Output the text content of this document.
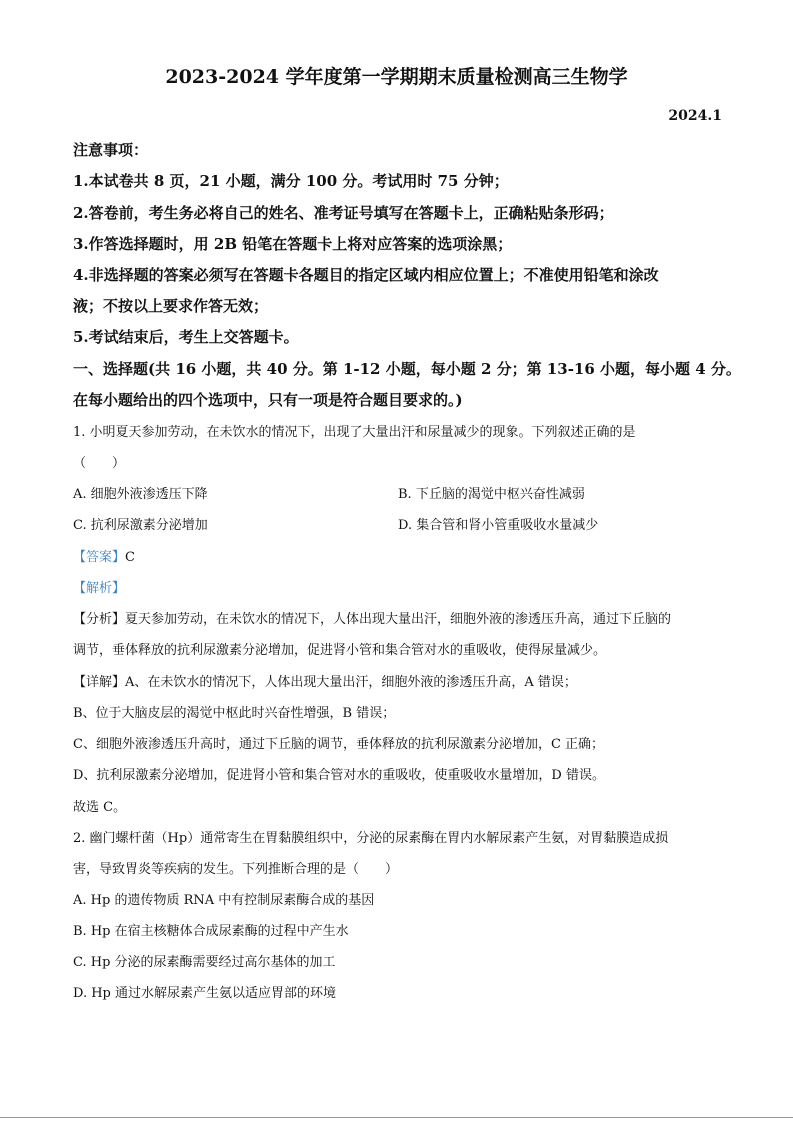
2023-2024 学年度第一学期期末质量检测高三生物学
2024.1
注意事项：
1.本试卷共 8 页，21 小题，满分 100 分。考试用时 75 分钟；
2.答卷前，考生务必将自己的姓名、准考证号填写在答题卡上，正确粘贴条形码；
3.作答选择题时，用 2B 铅笔在答题卡上将对应答案的选项涂黑；
4.非选择题的答案必须写在答题卡各题目的指定区域内相应位置上；不准使用铅笔和涂改
液；不按以上要求作答无效；
5.考试结束后，考生上交答题卡。
一、选择题(共 16 小题，共 40 分。第 1-12 小题，每小题 2 分；第 13-16 小题，每小题 4 分。
在每小题给出的四个选项中，只有一项是符合题目要求的。)
1. 小明夏天参加劳动，在未饮水的情况下，出现了大量出汗和尿量减少的现象。下列叙述正确的是
（　　）
A. 细胞外液渗透压下降	B. 下丘脑的渴觉中枢兴奋性减弱
C. 抗利尿激素分泌增加	D. 集合管和肾小管重吸收水量减少
【答案】C
【解析】
【分析】夏天参加劳动，在未饮水的情况下，人体出现大量出汗，细胞外液的渗透压升高，通过下丘脑的
调节，垂体释放的抗利尿激素分泌增加，促进肾小管和集合管对水的重吸收，使得尿量减少。
【详解】A、在未饮水的情况下，人体出现大量出汗，细胞外液的渗透压升高，A 错误；
B、位于大脑皮层的渴觉中枢此时兴奋性增强，B 错误；
C、细胞外液渗透压升高时，通过下丘脑的调节，垂体释放的抗利尿激素分泌增加，C 正确；
D、抗利尿激素分泌增加，促进肾小管和集合管对水的重吸收，使重吸收水量增加，D 错误。
故选 C。
2. 幽门螺杆菌（Hp）通常寄生在胃黏膜组织中，分泌的尿素酶在胃内水解尿素产生氨，对胃黏膜造成损
害，导致胃炎等疾病的发生。下列推断合理的是（　　）
A. Hp 的遗传物质 RNA 中有控制尿素酶合成的基因
B. Hp 在宿主核糖体合成尿素酶的过程中产生水
C. Hp 分泌的尿素酶需要经过高尔基体的加工
D. Hp 通过水解尿素产生氨以适应胃部的环境
